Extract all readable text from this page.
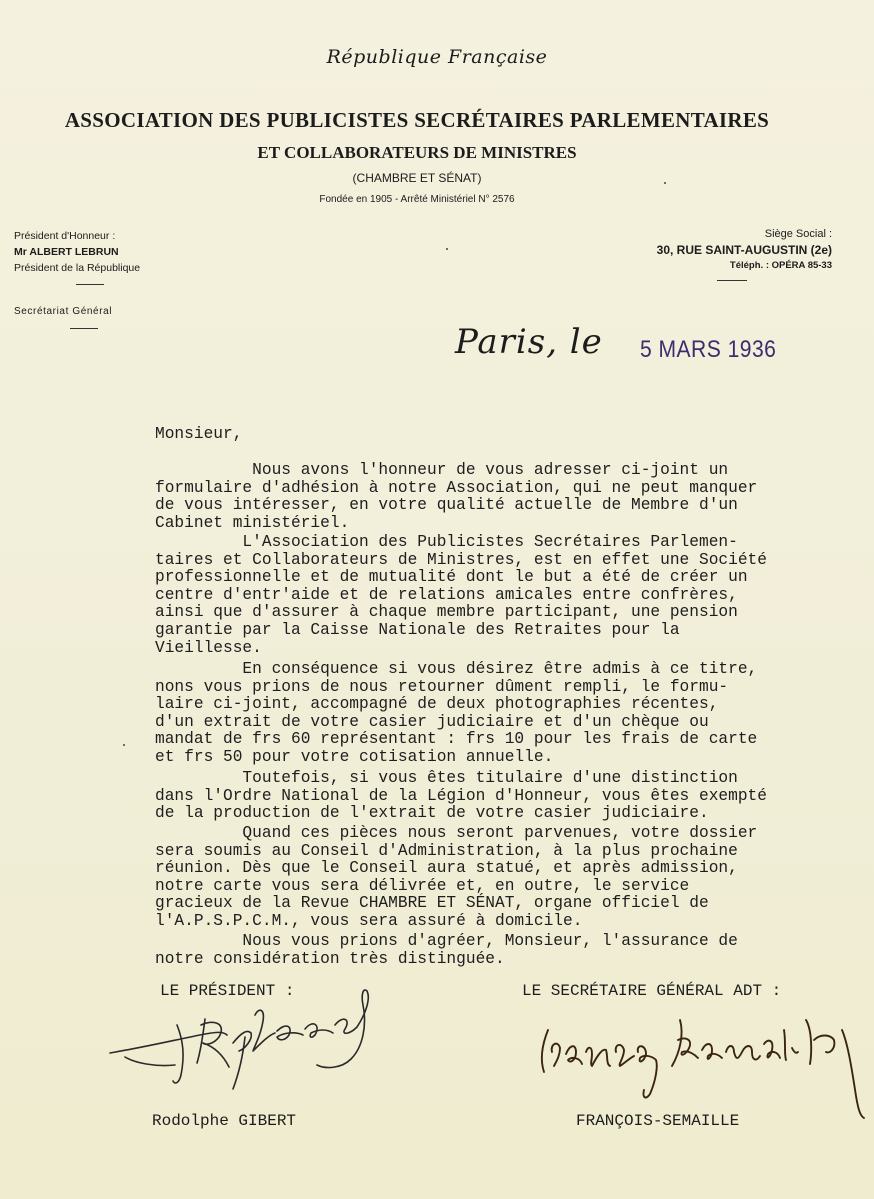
République Française
ASSOCIATION DES PUBLICISTES SECRÉTAIRES PARLEMENTAIRES
ET COLLABORATEURS DE MINISTRES
(CHAMBRE ET SÉNAT)
Fondée en 1905 - Arrêté Ministériel N° 2576
Président d'Honneur :
Mr ALBERT LEBRUN
Président de la République
Secrétariat Général
Siège Social :
30, RUE SAINT-AUGUSTIN (2e)
Téléph. : OPÉRA 85-33
Paris, le 5 MARS 1936
Monsieur,
Nous avons l'honneur de vous adresser ci-joint un
formulaire d'adhésion à notre Association, qui ne peut manquer
de vous intéresser, en votre qualité actuelle de Membre d'un
Cabinet ministériel.
L'Association des Publicistes Secrétaires Parlemen-
taires et Collaborateurs de Ministres, est en effet une Société
professionnelle et de mutualité dont le but a été de créer un
centre d'entr'aide et de relations amicales entre confrères,
ainsi que d'assurer à chaque membre participant, une pension
garantie par la Caisse Nationale des Retraites pour la
Vieillesse.
En conséquence si vous désirez être admis à ce titre,
nons vous prions de nous retourner dûment rempli, le formu-
laire ci-joint, accompagné de deux photographies récentes,
d'un extrait de votre casier judiciaire et d'un chèque ou
mandat de frs 60 représentant : frs 10 pour les frais de carte
et frs 50 pour votre cotisation annuelle.
Toutefois, si vous êtes titulaire d'une distinction
dans l'Ordre National de la Légion d'Honneur, vous êtes exempté
de la production de l'extrait de votre casier judiciaire.
Quand ces pièces nous seront parvenues, votre dossier
sera soumis au Conseil d'Administration, à la plus prochaine
réunion. Dès que le Conseil aura statué, et après admission,
notre carte vous sera délivrée et, en outre, le service
gracieux de la Revue CHAMBRE ET SÉNAT, organe officiel de
l'A.P.S.P.C.M., vous sera assuré à domicile.
Nous vous prions d'agréer, Monsieur, l'assurance de
notre considération très distinguée.
LE PRÉSIDENT :	LE SECRÉTAIRE GÉNÉRAL ADT :
Rodolphe GIBERT	FRANÇOIS-SEMAILLE
